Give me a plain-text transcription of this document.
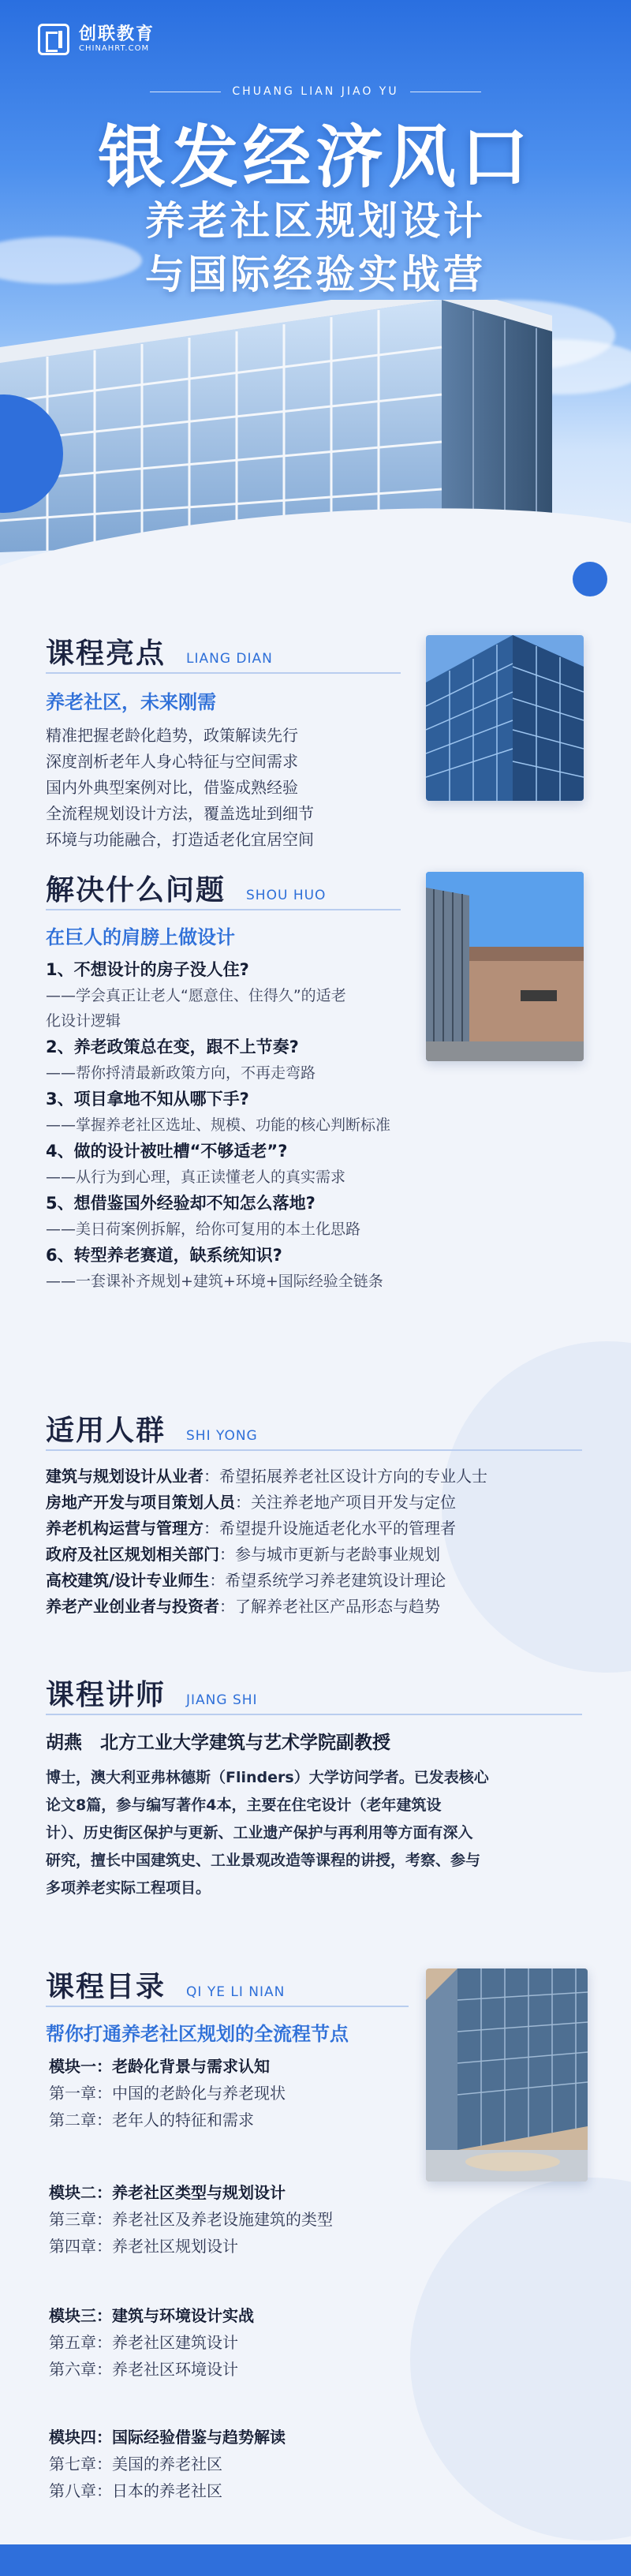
创联教育
CHINAHRT.COM
CHUANG LIAN JIAO YU
银发经济风口
养老社区规划设计
与国际经验实战营
课程亮点 LIANG DIAN
养老社区，未来刚需
精准把握老龄化趋势，政策解读先行
深度剖析老年人身心特征与空间需求
国内外典型案例对比，借鉴成熟经验
全流程规划设计方法，覆盖选址到细节
环境与功能融合，打造适老化宜居空间
解决什么问题 SHOU HUO
在巨人的肩膀上做设计
1、不想设计的房子没人住?
——学会真正让老人“愿意住、住得久”的适老
化设计逻辑
2、养老政策总在变，跟不上节奏?
——帮你捋清最新政策方向，不再走弯路
3、项目拿地不知从哪下手?
——掌握养老社区选址、规模、功能的核心判断标准
4、做的设计被吐槽“不够适老”?
——从行为到心理，真正读懂老人的真实需求
5、想借鉴国外经验却不知怎么落地?
——美日荷案例拆解，给你可复用的本土化思路
6、转型养老赛道，缺系统知识?
——一套课补齐规划+建筑+环境+国际经验全链条
适用人群 SHI YONG
建筑与规划设计从业者：希望拓展养老社区设计方向的专业人士
房地产开发与项目策划人员：关注养老地产项目开发与定位
养老机构运营与管理方：希望提升设施适老化水平的管理者
政府及社区规划相关部门：参与城市更新与老龄事业规划
高校建筑/设计专业师生：希望系统学习养老建筑设计理论
养老产业创业者与投资者：了解养老社区产品形态与趋势
课程讲师 JIANG SHI
胡燕　北方工业大学建筑与艺术学院副教授
博士，澳大利亚弗林德斯（Flinders）大学访问学者。已发表核心
论文8篇，参与编写著作4本，主要在住宅设计（老年建筑设
计）、历史街区保护与更新、工业遗产保护与再利用等方面有深入
研究，擅长中国建筑史、工业景观改造等课程的讲授，考察、参与
多项养老实际工程项目。
课程目录 QI YE LI NIAN
帮你打通养老社区规划的全流程节点
模块一：老龄化背景与需求认知
第一章：中国的老龄化与养老现状
第二章：老年人的特征和需求
模块二：养老社区类型与规划设计
第三章：养老社区及养老设施建筑的类型
第四章：养老社区规划设计
模块三：建筑与环境设计实战
第五章：养老社区建筑设计
第六章：养老社区环境设计
模块四：国际经验借鉴与趋势解读
第七章：美国的养老社区
第八章：日本的养老社区
